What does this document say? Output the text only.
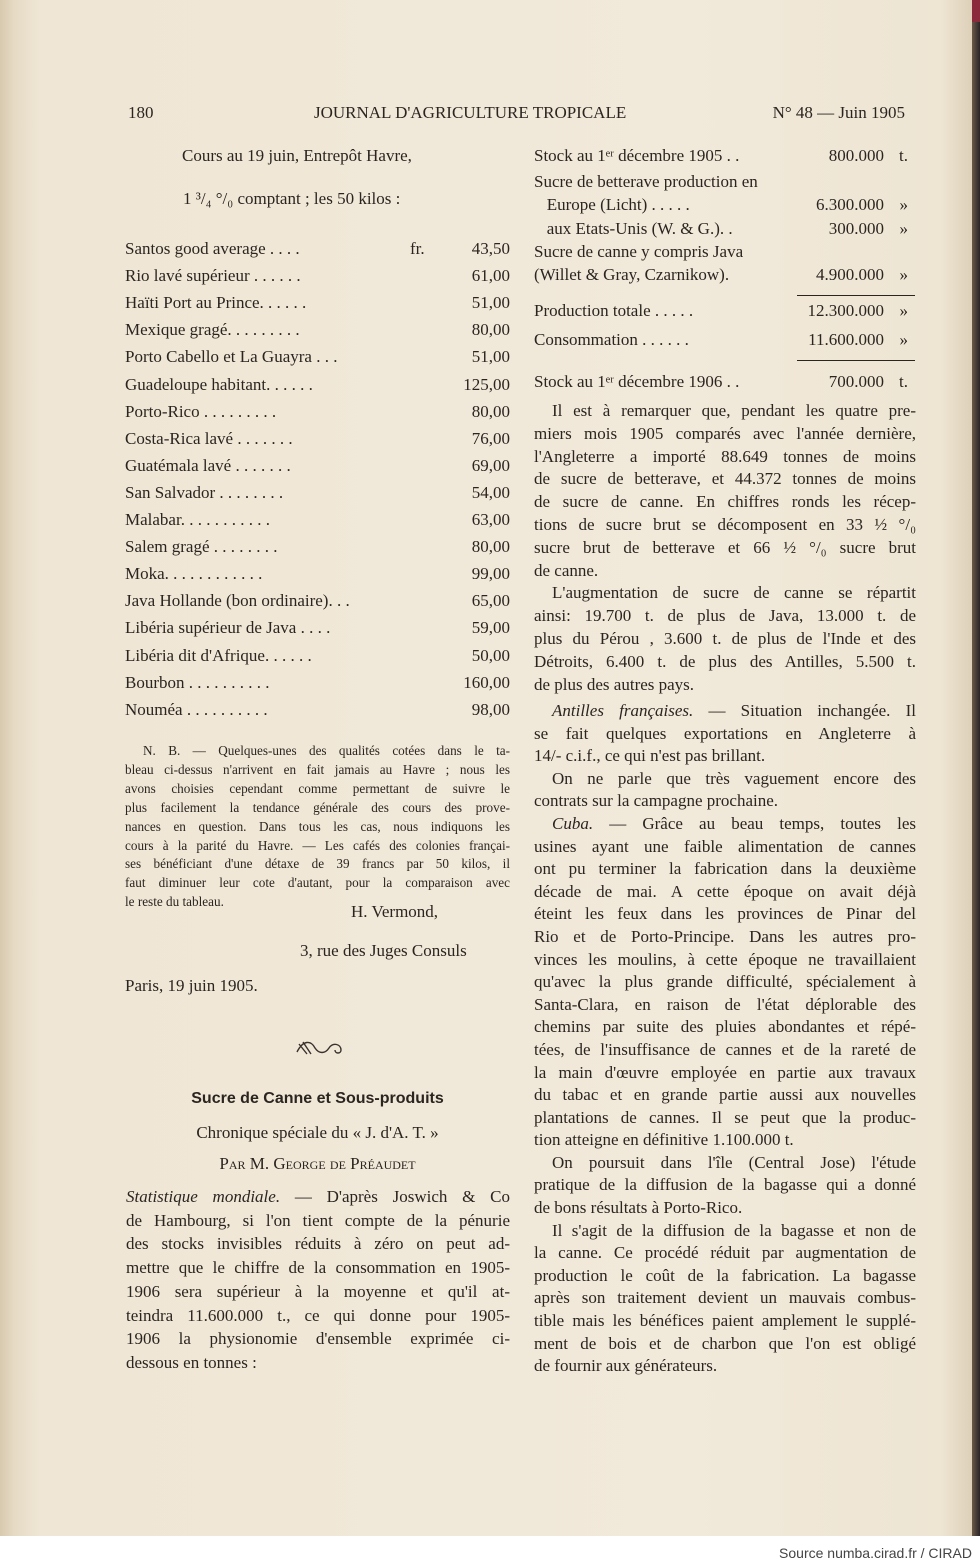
180	JOURNAL D'AGRICULTURE TROPICALE	N° 48 — Juin 1905
Cours au 19 juin, Entrepôt Havre,
1 ³/₄ °/₀ comptant ; les 50 kilos :
Santos good average . . . .	fr.	43,50
Rio lavé supérieur . . . . . .	61,00
Haïti Port au Prince. . . . . .	51,00
Mexique gragé. . . . . . . . .	80,00
Porto Cabello et La Guayra . . .	51,00
Guadeloupe habitant. . . . . .	125,00
Porto-Rico . . . . . . . . .	80,00
Costa-Rica lavé . . . . . . .	76,00
Guatémala lavé . . . . . . .	69,00
San Salvador . . . . . . . .	54,00
Malabar. . . . . . . . . . .	63,00
Salem gragé . . . . . . . .	80,00
Moka. . . . . . . . . . . .	99,00
Java Hollande (bon ordinaire). . .	65,00
Libéria supérieur de Java . . . .	59,00
Libéria dit d'Afrique. . . . . .	50,00
Bourbon . . . . . . . . . .	160,00
Nouméa . . . . . . . . . .	98,00
N. B. — Quelques-unes des qualités cotées dans le ta-
bleau ci-dessus n'arrivent en fait jamais au Havre ; nous les
avons choisies cependant comme permettant de suivre le
plus facilement la tendance générale des cours des prove-
nances en question. Dans tous les cas, nous indiquons les
cours à la parité du Havre. — Les cafés des colonies françai-
ses bénéficiant d'une détaxe de 39 francs par 50 kilos, il
faut diminuer leur cote d'autant, pour la comparaison avec
le reste du tableau.
H. Vermond,
3, rue des Juges Consuls
Paris, 19 juin 1905.
Sucre de Canne et Sous-produits
Chronique spéciale du « J. d'A. T. »
Par M. George de Préaudet
Statistique mondiale. — D'après Joswich & Co
de Hambourg, si l'on tient compte de la pénurie
des stocks invisibles réduits à zéro on peut ad-
mettre que le chiffre de la consommation en 1905-
1906 sera supérieur à la moyenne et qu'il at-
teindra 11.600.000 t., ce qui donne pour 1905-
1906 la physionomie d'ensemble exprimée ci-
dessous en tonnes :
Stock au 1ᵉʳ décembre 1905 . .	800.000 t.
Sucre de betterave production en
Europe (Licht) . . . . .	6.300.000 »
aux Etats-Unis (W. & G.). .	300.000 »
Sucre de canne y compris Java
(Willet & Gray, Czarnikow).	4.900.000 »
Production totale . . . . .	12.300.000 »
Consommation . . . . . .	11.600.000 »
Stock au 1ᵉʳ décembre 1906 . .	700.000 t.
Il est à remarquer que, pendant les quatre pre-
miers mois 1905 comparés avec l'année dernière,
l'Angleterre a importé 88.649 tonnes de moins
de sucre de betterave, et 44.372 tonnes de moins
de sucre de canne. En chiffres ronds les récep-
tions de sucre brut se décomposent en 33 ½ °/₀
sucre brut de betterave et 66 ½ °/₀ sucre brut
de canne.
L'augmentation de sucre de canne se répartit
ainsi: 19.700 t. de plus de Java, 13.000 t. de
plus du Pérou , 3.600 t. de plus de l'Inde et des
Détroits, 6.400 t. de plus des Antilles, 5.500 t.
de plus des autres pays.
Antilles françaises. — Situation inchangée. Il
se fait quelques exportations en Angleterre à
14/- c.i.f., ce qui n'est pas brillant.
On ne parle que très vaguement encore des
contrats sur la campagne prochaine.
Cuba. — Grâce au beau temps, toutes les
usines ayant une faible alimentation de cannes
ont pu terminer la fabrication dans la deuxième
décade de mai. A cette époque on avait déjà
éteint les feux dans les provinces de Pinar del
Rio et de Porto-Principe. Dans les autres pro-
vinces les moulins, à cette époque ne travaillaient
qu'avec la plus grande difficulté, spécialement à
Santa-Clara, en raison de l'état déplorable des
chemins par suite des pluies abondantes et répé-
tées, de l'insuffisance de cannes et de la rareté de
la main d'œuvre employée en partie aux travaux
du tabac et en grande partie aussi aux nouvelles
plantations de cannes. Il se peut que la produc-
tion atteigne en définitive 1.100.000 t.
On poursuit dans l'île (Central Jose) l'étude
pratique de la diffusion de la bagasse qui a donné
de bons résultats à Porto-Rico.
Il s'agit de la diffusion de la bagasse et non de
la canne. Ce procédé réduit par augmentation de
production le coût de la fabrication. La bagasse
après son traitement devient un mauvais combus-
tible mais les bénéfices paient amplement le supplé-
ment de bois et de charbon que l'on est obligé
de fournir aux générateurs.
Source numba.cirad.fr / CIRAD
